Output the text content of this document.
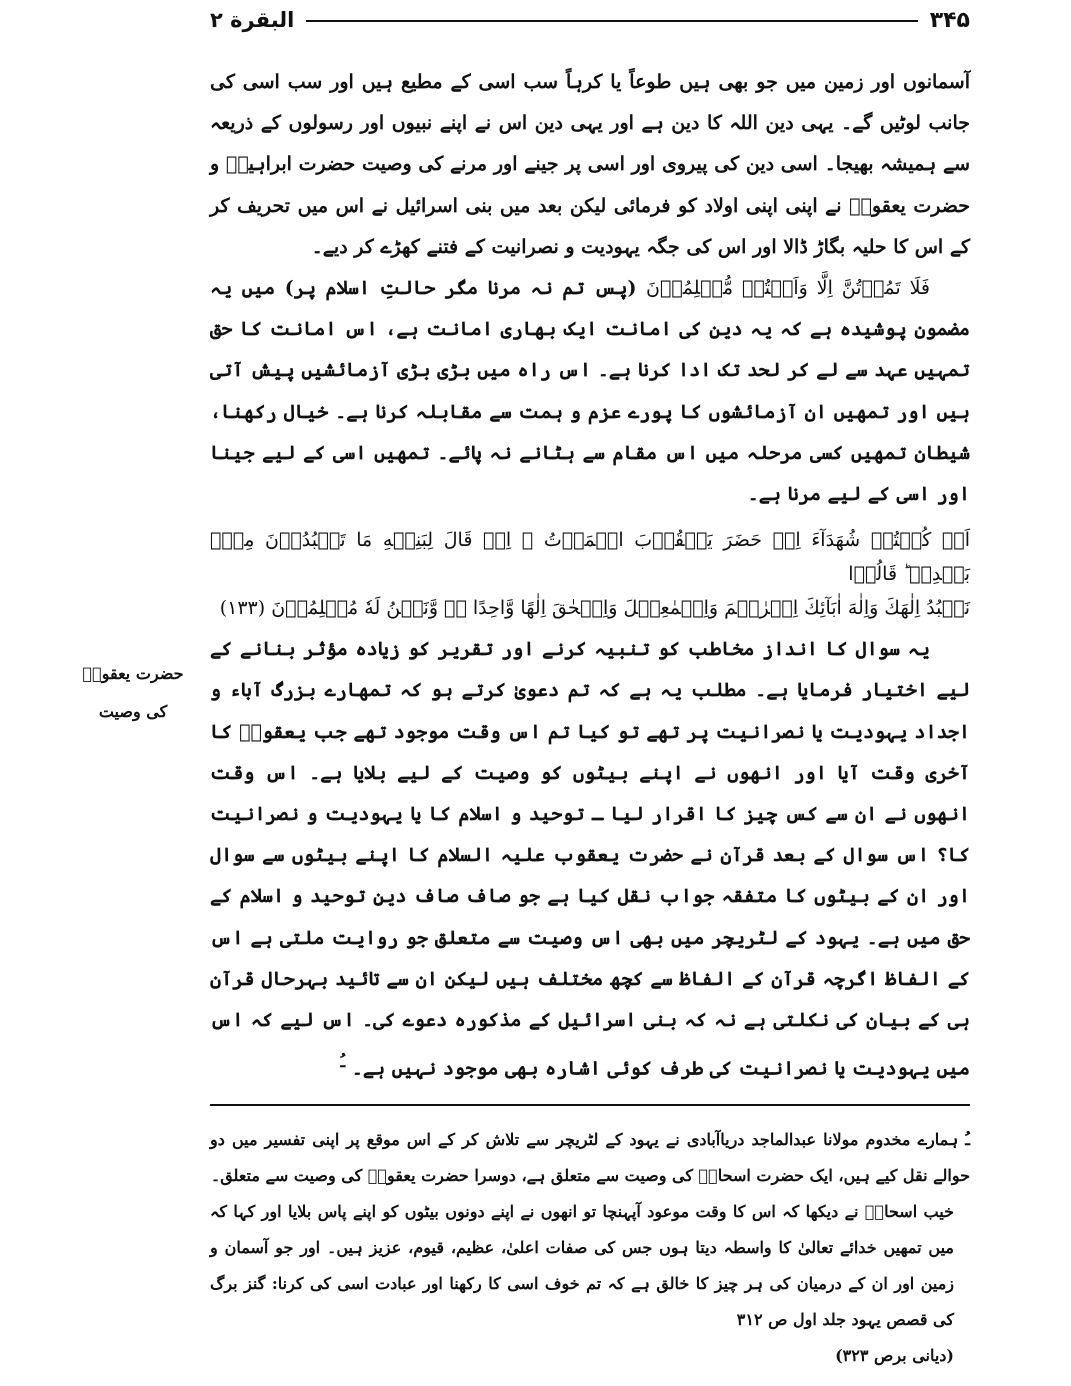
۳۴۵
البقرة ۲

آسمانوں اور زمین میں جو بھی ہیں طوعاً یا کرہاً سب اسی کے مطیع ہیں اور سب اسی کی جانب لوٹیں گے۔ یہی دین اللہ کا دین ہے اور یہی دین اس نے اپنے نبیوں اور رسولوں کے ذریعہ سے ہمیشہ بھیجا۔ اسی دین کی پیروی اور اسی پر جینے اور مرنے کی وصیت حضرت ابراہیمؑ و حضرت یعقوبؑ نے اپنی اپنی اولاد کو فرمائی لیکن بعد میں بنی اسرائیل نے اس میں تحریف کر کے اس کا حلیہ بگاڑ ڈالا اور اس کی جگہ یہودیت و نصرانیت کے فتنے کھڑے کر دیے۔

فَلَا تَمُوۡتُنَّ اِلَّا وَاَنۡتُمۡ مُّسۡلِمُوۡنَ (پس تم نہ مرنا مگر حالتِ اسلام پر) میں یہ مضمون پوشیدہ ہے کہ یہ دین کی امانت ایک بھاری امانت ہے، اس امانت کا حق تمہیں عہد سے لے کر لحد تک ادا کرنا ہے۔ اس راہ میں بڑی بڑی آزمائشیں پیش آتی ہیں اور تمھیں ان آزمائشوں کا پورے عزم و ہمت سے مقابلہ کرنا ہے۔ خیال رکھنا، شیطان تمھیں کسی مرحلہ میں اس مقام سے ہٹانے نہ پائے۔ تمھیں اسی کے لیے جینا اور اسی کے لیے مرنا ہے۔

اَمۡ كُنۡتُمۡ شُهَدَآءَ اِذۡ حَضَرَ يَعۡقُوۡبَ الۡمَوۡتُ ۙ اِذۡ قَالَ لِبَنِيۡهِ مَا تَعۡبُدُوۡنَ مِنۡۢ بَعۡدِىۡ ؕ قَالُوۡا
نَعۡبُدُ اِلٰهَكَ وَاِلٰهَ اٰبَآئِكَ اِبۡرٰهٖمَ وَاِسۡمٰعِيۡلَ وَاِسۡحٰقَ اِلٰهًا وَّاحِدًا ۖۚ وَّنَحۡنُ لَهٗ مُسۡلِمُوۡنَ (۱۳۳)

یہ سوال کا انداز مخاطب کو تنبیہ کرنے اور تقریر کو زیادہ مؤثر بنانے کے لیے اختیار فرمایا ہے۔ مطلب یہ ہے کہ تم دعویٰ کرتے ہو کہ تمھارے بزرگ آباء و اجداد یہودیت یا نصرانیت پر تھے تو کیا تم اس وقت موجود تھے جب یعقوبؑ کا آخری وقت آیا اور انھوں نے اپنے بیٹوں کو وصیت کے لیے بلایا ہے۔ اس وقت انھوں نے ان سے کس چیز کا اقرار لیا ـ توحید و اسلام کا یا یہودیت و نصرانیت کا؟ اس سوال کے بعد قرآن نے حضرت یعقوب علیہ السلام کا اپنے بیٹوں سے سوال اور ان کے بیٹوں کا متفقہ جواب نقل کیا ہے جو صاف صاف دینِ توحید و اسلام کے حق میں ہے۔ یہود کے لٹریچر میں بھی اس وصیت سے متعلق جو روایت ملتی ہے اس کے الفاظ اگرچہ قرآن کے الفاظ سے کچھ مختلف ہیں لیکن ان سے تائید بہرحال قرآن ہی کے بیان کی نکلتی ہے نہ کہ بنی اسرائیل کے مذکورہ دعوے کی۔ اس لیے کہ اس میں یہودیت یا نصرانیت کی طرف کوئی اشارہ بھی موجود نہیں ہے۔ $^{ـُ}$

حضرت یعقوبؑ
کی وصیت

ـُ ہمارے مخدوم مولانا عبدالماجد دریاآبادی نے یہود کے لٹریچر سے تلاش کر کے اس موقع پر اپنی تفسیر میں دو حوالے نقل کیے ہیں، ایک حضرت اسحاقؑ کی وصیت سے متعلق ہے، دوسرا حضرت یعقوبؑ کی وصیت سے متعلق۔

خیب اسحاقؑ نے دیکھا کہ اس کا وقت موعود آپہنچا تو انھوں نے اپنے دونوں بیٹوں کو اپنے پاس بلایا اور کہا کہ میں تمھیں خدائے تعالیٰ کا واسطہ دیتا ہوں جس کی صفات اعلیٰ، عظیم، قیوم، عزیز ہیں۔ اور جو آسمان و زمین اور ان کے درمیان کی ہر چیز کا خالق ہے کہ تم خوف اسی کا رکھنا اور عبادت اسی کی کرنا: گنز برگ کی قصص یہود جلد اول ص ۳۱۲

(دیانی برص ۳۲۳)
